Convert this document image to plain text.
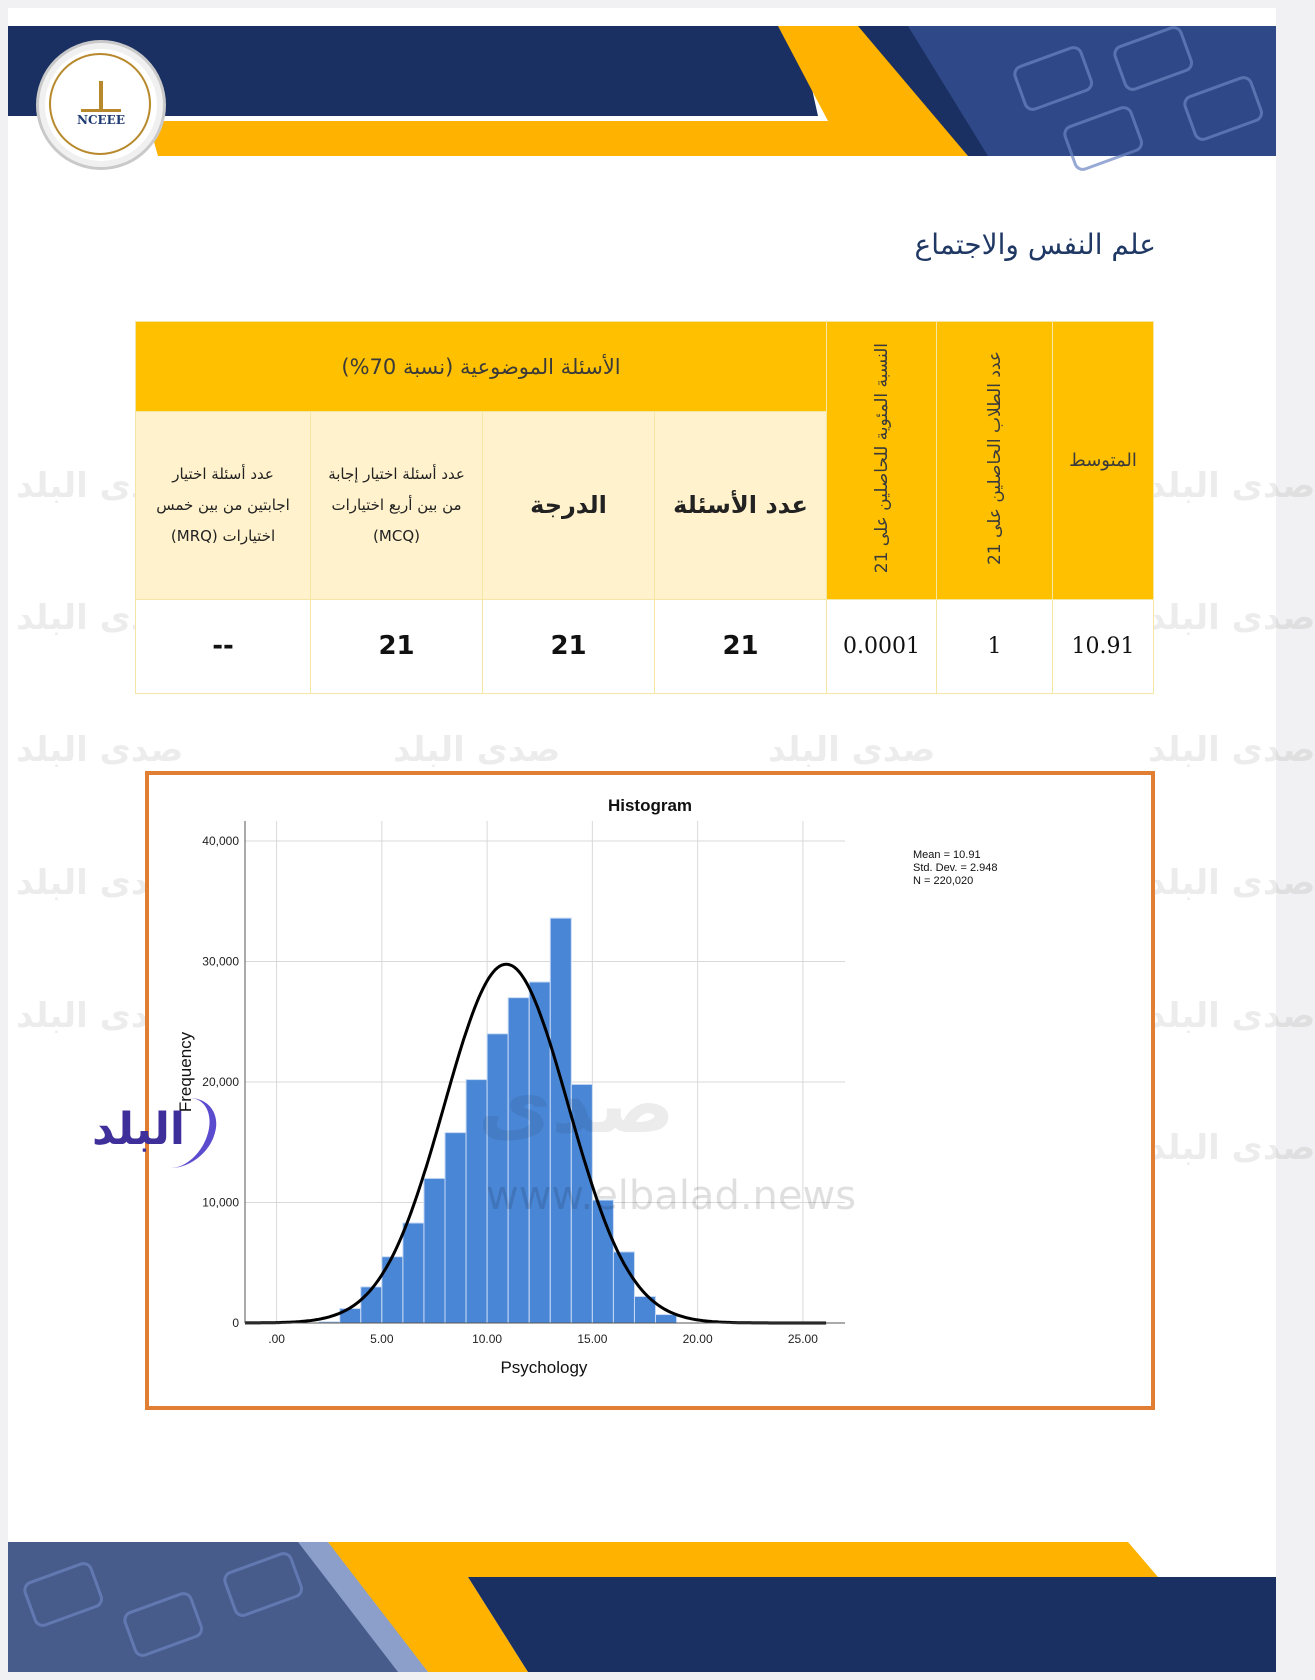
NCEEE
صدى البلد	صدى البلد
صدى البلد	صدى البلد
صدى البلد	صدى البلد	صدى البلد	صدى البلد
صدى البلد	صدى البلد
صدى البلد	صدى البلد
صدى البلد
علم النفس والاجتماع
المتوسط	عدد الطلاب الحاصلين على 21	النسبة المئوية للحاصلين على 21	الأسئلة الموضوعية (نسبة 70%)			
			عدد الأسئلة	الدرجة	عدد أسئلة اختيار إجابة من بين أربع اختيارات (MCQ)	عدد أسئلة اختيار اجابتين من بين خمس اختيارات (MRQ)
10.91	1	0.0001	21	21	21	--
0
10,000
20,000
30,000
40,000
.00	5.00	10.00	15.00	20.00	25.00
Histogram
Psychology
Frequency
Mean = 10.91
Std. Dev. = 2.948
N = 220,020
صدى
www.elbalad.news
البلد
